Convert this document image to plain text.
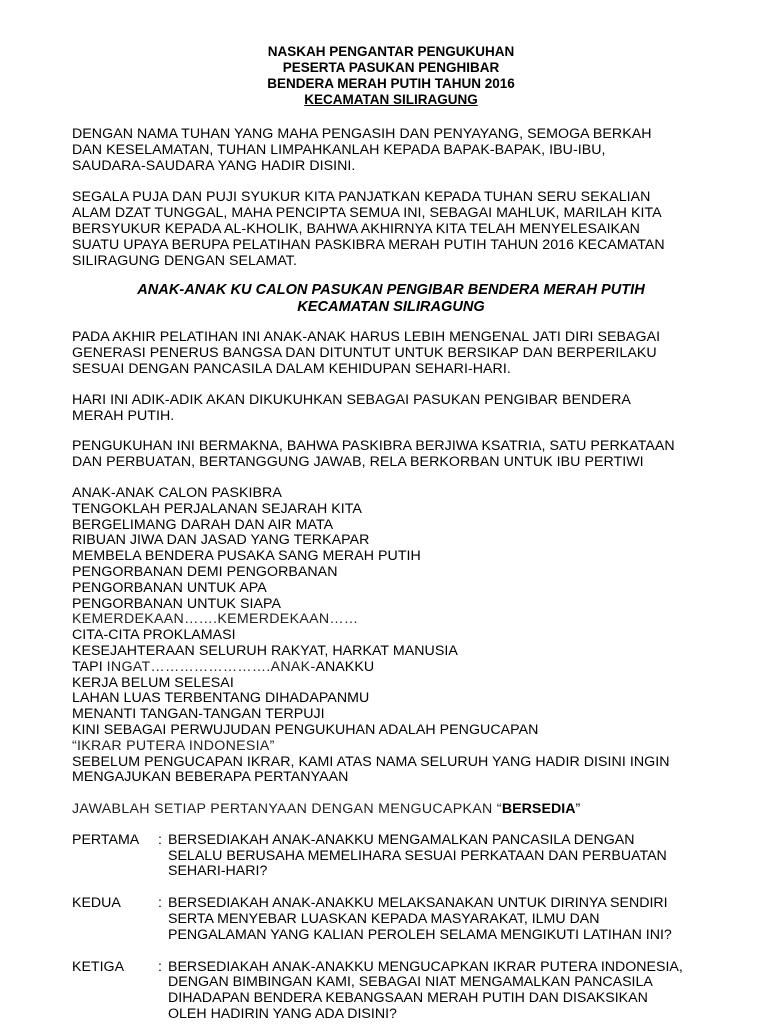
NASKAH PENGANTAR PENGUKUHAN

PESERTA PASUKAN PENGHIBAR

BENDERA MERAH PUTIH TAHUN 2016

KECAMATAN SILIRAGUNG

DENGAN NAMA TUHAN YANG MAHA PENGASIH DAN PENYAYANG, SEMOGA BERKAH

DAN KESELAMATAN, TUHAN LIMPAHKANLAH KEPADA BAPAK-BAPAK, IBU-IBU,

SAUDARA-SAUDARA YANG HADIR DISINI.

SEGALA PUJA DAN PUJI SYUKUR KITA PANJATKAN KEPADA TUHAN SERU SEKALIAN

ALAM DZAT TUNGGAL, MAHA PENCIPTA SEMUA INI, SEBAGAI MAHLUK, MARILAH KITA

BERSYUKUR KEPADA AL-KHOLIK, BAHWA AKHIRNYA KITA TELAH MENYELESAIKAN

SUATU UPAYA BERUPA PELATIHAN PASKIBRA MERAH PUTIH TAHUN 2016 KECAMATAN

SILIRAGUNG DENGAN SELAMAT.

ANAK-ANAK KU CALON PASUKAN PENGIBAR BENDERA MERAH PUTIH

KECAMATAN SILIRAGUNG

PADA AKHIR PELATIHAN INI ANAK-ANAK HARUS LEBIH MENGENAL JATI DIRI SEBAGAI

GENERASI PENERUS BANGSA DAN DITUNTUT UNTUK BERSIKAP DAN BERPERILAKU

SESUAI DENGAN PANCASILA DALAM KEHIDUPAN SEHARI-HARI.

HARI INI ADIK-ADIK AKAN DIKUKUHKAN SEBAGAI PASUKAN PENGIBAR BENDERA

MERAH PUTIH.

PENGUKUHAN INI BERMAKNA, BAHWA PASKIBRA BERJIWA KSATRIA, SATU PERKATAAN

DAN PERBUATAN, BERTANGGUNG JAWAB, RELA BERKORBAN UNTUK IBU PERTIWI

ANAK-ANAK CALON PASKIBRA

TENGOKLAH PERJALANAN SEJARAH KITA

BERGELIMANG DARAH DAN AIR MATA

RIBUAN JIWA DAN JASAD YANG TERKAPAR

MEMBELA BENDERA PUSAKA SANG MERAH PUTIH

PENGORBANAN DEMI PENGORBANAN

PENGORBANAN UNTUK APA

PENGORBANAN UNTUK SIAPA

KEMERDEKAAN…….KEMERDEKAAN……

CITA-CITA PROKLAMASI

KESEJAHTERAAN SELURUH RAKYAT, HARKAT MANUSIA

TAPI INGAT…………………….ANAK-ANAKKU

KERJA BELUM SELESAI

LAHAN LUAS TERBENTANG DIHADAPANMU

MENANTI TANGAN-TANGAN TERPUJI

KINI SEBAGAI PERWUJUDAN PENGUKUHAN ADALAH PENGUCAPAN

“IKRAR PUTERA INDONESIA”

SEBELUM PENGUCAPAN IKRAR, KAMI ATAS NAMA SELURUH YANG HADIR DISINI INGIN

MENGAJUKAN BEBERAPA PERTANYAAN

JAWABLAH SETIAP PERTANYAAN DENGAN MENGUCAPKAN “BERSEDIA”

PERTAMA	: BERSEDIAKAH ANAK-ANAKKU MENGAMALKAN PANCASILA DENGAN
SELALU BERUSAHA MEMELIHARA SESUAI PERKATAAN DAN PERBUATAN
SEHARI-HARI?
KEDUA	: BERSEDIAKAH ANAK-ANAKKU MELAKSANAKAN UNTUK DIRINYA SENDIRI
SERTA MENYEBAR LUASKAN KEPADA MASYARAKAT, ILMU DAN
PENGALAMAN YANG KALIAN PEROLEH SELAMA MENGIKUTI LATIHAN INI?
KETIGA	: BERSEDIAKAH ANAK-ANAKKU MENGUCAPKAN IKRAR PUTERA INDONESIA,
DENGAN BIMBINGAN KAMI, SEBAGAI NIAT MENGAMALKAN PANCASILA
DIHADAPAN BENDERA KEBANGSAAN MERAH PUTIH DAN DISAKSIKAN
OLEH HADIRIN YANG ADA DISINI?
